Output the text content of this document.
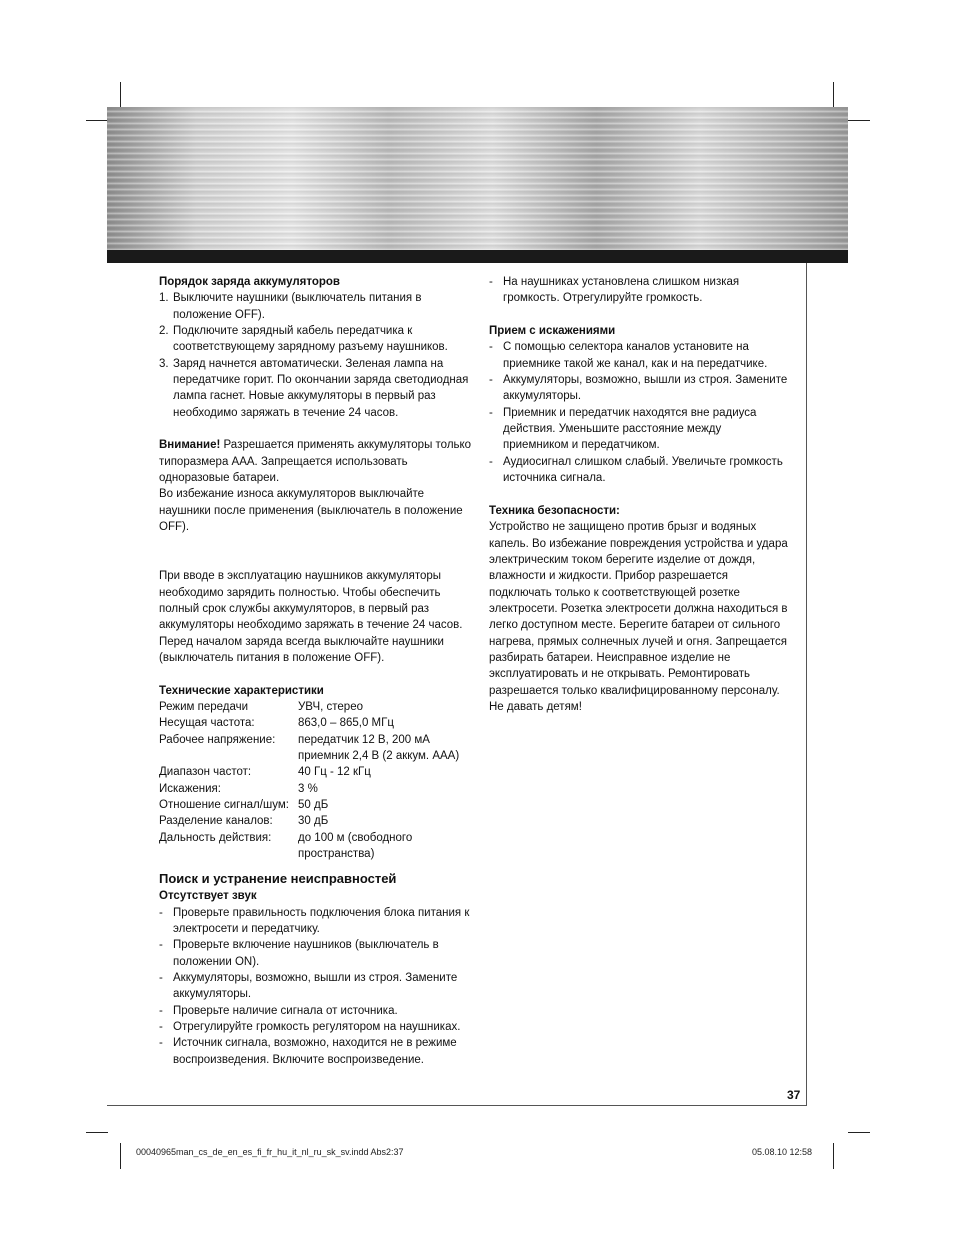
Порядок заряда аккумуляторов
1. Выключите наушники (выключатель питания в положение OFF).
2. Подключите зарядный кабель передатчика к соответствующему зарядному разъему наушников.
3. Заряд начнется автоматически. Зеленая лампа на передатчике горит. По окончании заряда светодиодная лампа гаснет. Новые аккумуляторы в первый раз необходимо заряжать в течение 24 часов.

Внимание! Разрешается применять аккумуляторы только типоразмера ААА. Запрещается использовать одноразовые батареи.

Во избежание износа аккумуляторов выключайте наушники после применения (выключатель в положение OFF).

При вводе в эксплуатацию наушников аккумуляторы необходимо зарядить полностью. Чтобы обеспечить полный срок службы аккумуляторов, в первый раз аккумуляторы необходимо заряжать в течение 24 часов. Перед началом заряда всегда выключайте наушники (выключатель питания в положение OFF).

Технические характеристики
Режим передачи	УВЧ, стерео
Несущая частота:	863,0 – 865,0 МГц
Рабочее напряжение:	передатчик 12 В, 200 мА
приемник 2,4 В (2 аккум. ААА)
Диапазон частот:	40 Гц - 12 кГц
Искажения:	3 %
Отношение сигнал/шум: 50 дБ
Разделение каналов:	30 дБ
Дальность действия:	до 100 м (свободного пространства)
Поиск и устранение неисправностей
Отсутствует звук
- Проверьте правильность подключения блока питания к электросети и передатчику.
- Проверьте включение наушников (выключатель в положении ON).
- Аккумуляторы, возможно, вышли из строя. Замените аккумуляторы.
- Проверьте наличие сигнала от источника.
- Отрегулируйте громкость регулятором на наушниках.
- Источник сигнала, возможно, находится не в режиме воспроизведения. Включите воспроизведение.
- На наушниках установлена слишком низкая громкость. Отрегулируйте громкость.
Прием с искажениями
- С помощью селектора каналов установите на приемнике такой же канал, как и на передатчике.
- Аккумуляторы, возможно, вышли из строя. Замените аккумуляторы.
- Приемник и передатчик находятся вне радиуса действия. Уменьшите расстояние между приемником и передатчиком.
- Аудиосигнал слишком слабый. Увеличьте громкость источника сигнала.
Техника безопасности:

Устройство не защищено против брызг и водяных капель. Во избежание повреждения устройства и удара электрическим током берегите изделие от дождя, влажности и жидкости. Прибор разрешается подключать только к соответствующей розетке электросети. Розетка электросети должна находиться в легко доступном месте. Берегите батареи от сильного нагрева, прямых солнечных лучей и огня. Запрещается разбирать батареи. Неисправное изделие не эксплуатировать и не открывать. Ремонтировать разрешается только квалифицированному персоналу. Не давать детям!

37
00040965man_cs_de_en_es_fi_fr_hu_it_nl_ru_sk_sv.indd Abs2:37	05.08.10 12:58
